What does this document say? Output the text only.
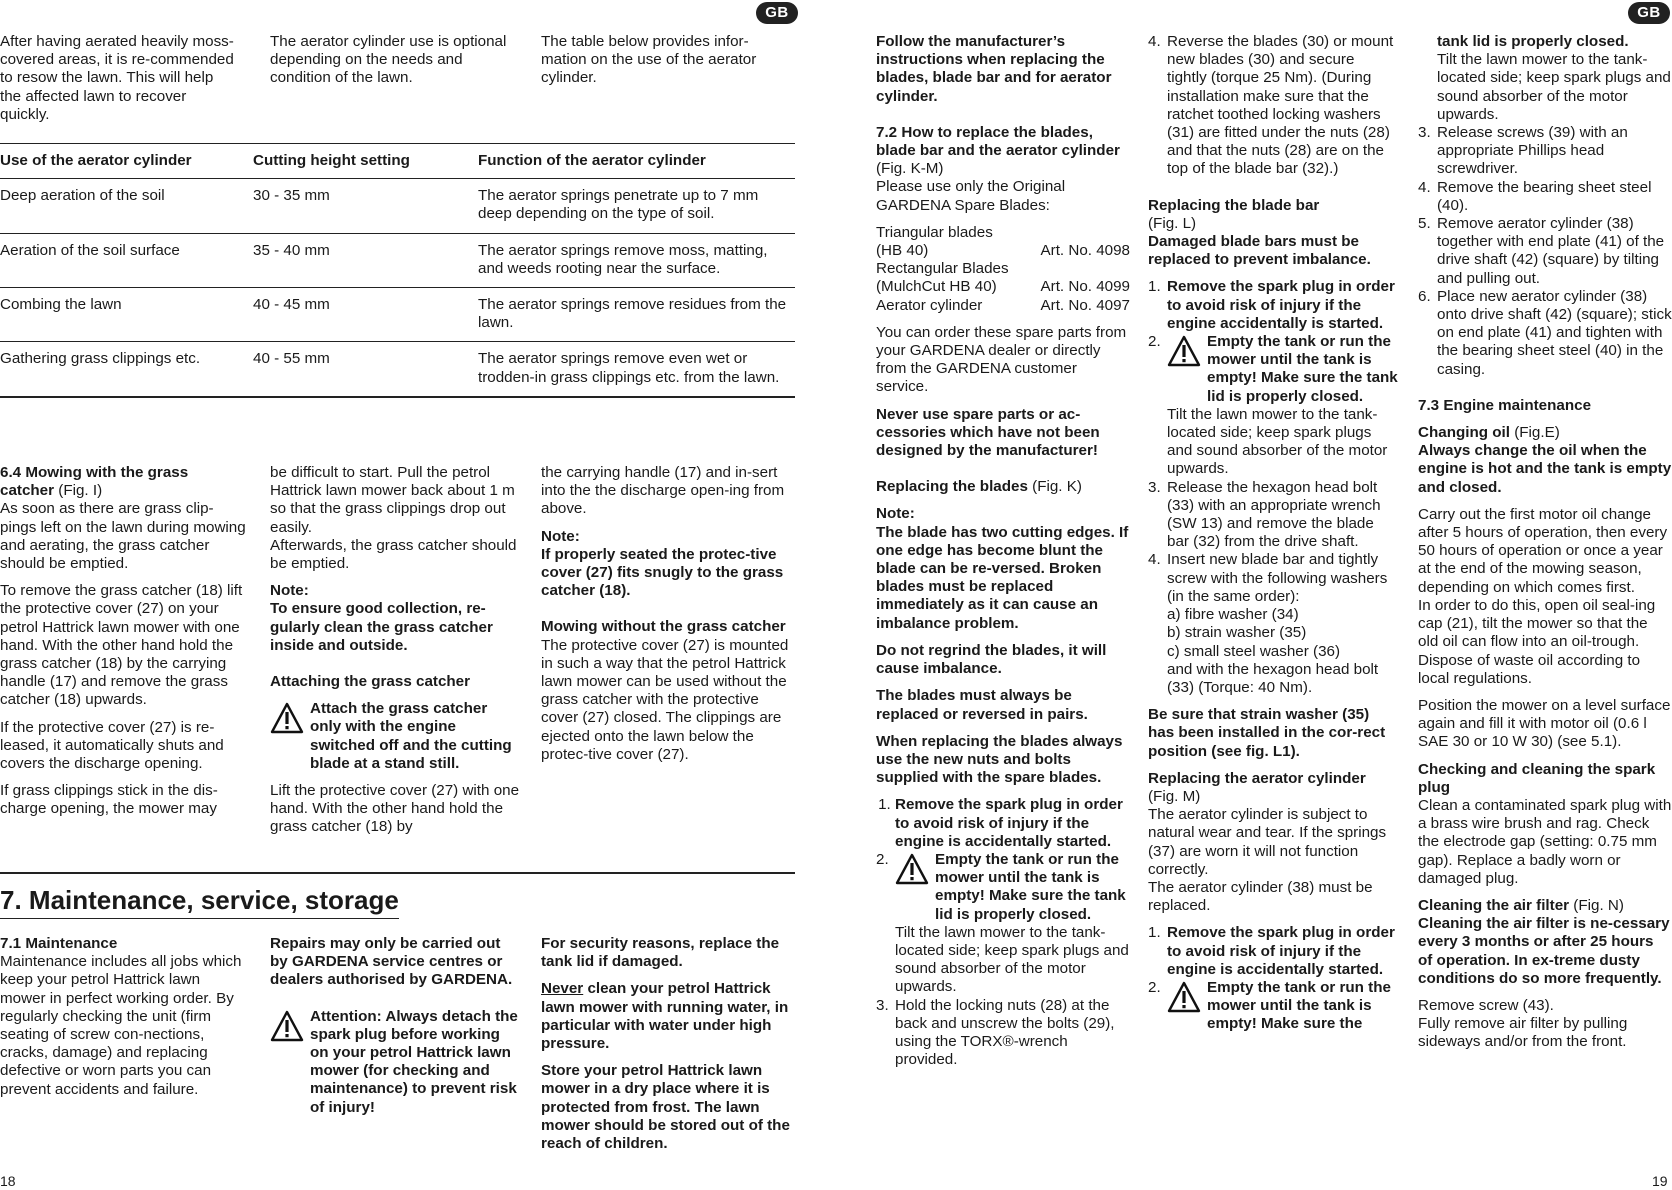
GB

After having aerated heavily moss-covered areas, it is re-commended to resow the lawn. This will help the affected lawn to recover quickly.

The aerator cylinder use is optional depending on the needs and condition of the lawn.

The table below provides infor-mation on the use of the aerator cylinder.

Use of the aerator cylinder	Cutting height setting	Function of the aerator cylinder
Deep aeration of the soil	30 - 35 mm	The aerator springs penetrate up to 7 mm deep depending on the type of soil.
Aeration of the soil surface	35 - 40 mm	The aerator springs remove moss, matting, and weeds rooting near the surface.
Combing the lawn	40 - 45 mm	The aerator springs remove residues from the lawn.
Gathering grass clippings etc.	40 - 55 mm	The aerator springs remove even wet or trodden-in grass clippings etc. from the lawn.

6.4 Mowing with the grass catcher (Fig. I)
As soon as there are grass clip-pings left on the lawn during mowing and aerating, the grass catcher should be emptied.

To remove the grass catcher (18) lift the protective cover (27) on your petrol Hattrick lawn mower with one hand. With the other hand hold the grass catcher (18) by the carrying handle (17) and remove the grass catcher (18) upwards.

If the protective cover (27) is re-leased, it automatically shuts and covers the discharge opening.

If grass clippings stick in the dis-charge opening, the mower may

be difficult to start. Pull the petrol Hattrick lawn mower back about 1 m so that the grass clippings drop out easily.
Afterwards, the grass catcher should be emptied.

Note:
To ensure good collection, re-gularly clean the grass catcher inside and outside.

Attaching the grass catcher

Attach the grass catcher only with the engine switched off and the cutting blade at a stand still.

Lift the protective cover (27) with one hand. With the other hand hold the grass catcher (18) by

the carrying handle (17) and in-sert into the the discharge open-ing from above.

Note:
If properly seated the protec-tive cover (27) fits snugly to the grass catcher (18).

Mowing without the grass catcher
The protective cover (27) is mounted in such a way that the petrol Hattrick lawn mower can be used without the grass catcher with the protective cover (27) closed. The clippings are ejected onto the lawn below the protec-tive cover (27).

7. Maintenance, service, storage

7.1 Maintenance
Maintenance includes all jobs which keep your petrol Hattrick lawn mower in perfect working order. By regularly checking the unit (firm seating of screw con-nections, cracks, damage) and replacing defective or worn parts you can prevent accidents and failure.

Repairs may only be carried out by GARDENA service centres or dealers authorised by GARDENA.

Attention: Always detach the spark plug before working on your petrol Hattrick lawn mower (for checking and maintenance) to prevent risk of injury!

For security reasons, replace the tank lid if damaged.

Never clean your petrol Hattrick lawn mower with running water, in particular with water under high pressure.

Store your petrol Hattrick lawn mower in a dry place where it is protected from frost. The lawn mower should be stored out of the reach of children.

18
GB

Follow the manufacturer’s instructions when replacing the blades, blade bar and for aerator cylinder.

7.2 How to replace the blades, blade bar and the aerator cylinder (Fig. K-M)
Please use only the Original GARDENA Spare Blades:

Triangular blades
(HB 40)	Art. No. 4098
Rectangular Blades
(MulchCut HB 40)	Art. No. 4099
Aerator cylinder	Art. No. 4097

You can order these spare parts from your GARDENA dealer or directly from the GARDENA customer service.

Never use spare parts or ac-cessories which have not been designed by the manufacturer!

Replacing the blades (Fig. K)

Note:
The blade has two cutting edges. If one edge has become blunt the blade can be re-versed. Broken blades must be replaced immediately as it can cause an imbalance problem.

Do not regrind the blades, it will cause imbalance.

The blades must always be replaced or reversed in pairs.

When replacing the blades always use the new nuts and bolts supplied with the spare blades.

1. Remove the spark plug in order to avoid risk of injury if the engine is accidentally started.
2.	Empty the tank or run the mower until the tank is empty! Make sure the tank lid is properly closed.
Tilt the lawn mower to the tank-located side; keep spark plugs and sound absorber of the motor upwards.
3. Hold the locking nuts (28) at the back and unscrew the bolts (29), using the TORX®-wrench provided.
4. Reverse the blades (30) or mount new blades (30) and secure tightly (torque 25 Nm). (During installation make sure that the ratchet toothed locking washers (31) are fitted under the nuts (28) and that the nuts (28) are on the top of the blade bar (32).)

Replacing the blade bar
(Fig. L)
Damaged blade bars must be replaced to prevent imbalance.

1. Remove the spark plug in order to avoid risk of injury if the engine accidentally is started.
2.	Empty the tank or run the mower until the tank is empty! Make sure the tank lid is properly closed.
Tilt the lawn mower to the tank-located side; keep spark plugs and sound absorber of the motor upwards.
3. Release the hexagon head bolt (33) with an appropriate wrench (SW 13) and remove the blade bar (32) from the drive shaft.
4. Insert new blade bar and tightly screw with the following washers (in the same order):
a) fibre washer (34)
b) strain washer (35)
c) small steel washer (36)
and with the hexagon head bolt (33) (Torque: 40 Nm).

Be sure that strain washer (35) has been installed in the cor-rect position (see fig. L1).

Replacing the aerator cylinder
(Fig. M)
The aerator cylinder is subject to natural wear and tear. If the springs (37) are worn it will not function correctly.
The aerator cylinder (38) must be replaced.

1. Remove the spark plug in order to avoid risk of injury if the engine is accidentally started.
2.	Empty the tank or run the mower until the tank is empty! Make sure the
tank lid is properly closed.
Tilt the lawn mower to the tank-located side; keep spark plugs and sound absorber of the motor upwards.
3. Release screws (39) with an appropriate Phillips head screwdriver.
4. Remove the bearing sheet steel (40).
5. Remove aerator cylinder (38) together with end plate (41) of the drive shaft (42) (square) by tilting and pulling out.
6. Place new aerator cylinder (38) onto drive shaft (42) (square); stick on end plate (41) and tighten with the bearing sheet steel (40) in the casing.

7.3 Engine maintenance

Changing oil (Fig.E)
Always change the oil when the engine is hot and the tank is empty and closed.

Carry out the first motor oil change after 5 hours of operation, then every 50 hours of operation or once a year at the end of the mowing season, depending on which comes first.
In order to do this, open oil seal-ing cap (21), tilt the mower so that the old oil can flow into an oil-trough. Dispose of waste oil according to local regulations.

Position the mower on a level surface again and fill it with motor oil (0.6 l SAE 30 or 10 W 30) (see 5.1).

Checking and cleaning the spark plug
Clean a contaminated spark plug with a brass wire brush and rag. Check the electrode gap (setting: 0.75 mm gap). Replace a badly worn or damaged plug.

Cleaning the air filter (Fig. N)
Cleaning the air filter is ne-cessary every 3 months or after 25 hours of operation. In ex-treme dusty conditions do so more frequently.

Remove screw (43).
Fully remove air filter by pulling sideways and/or from the front.

19
